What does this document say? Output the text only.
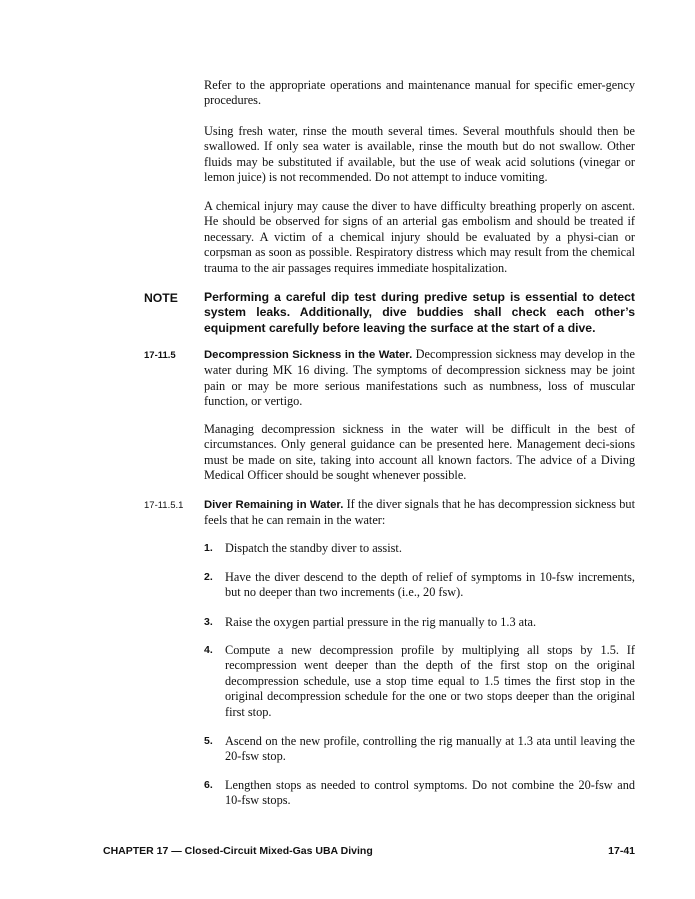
Refer to the appropriate operations and maintenance manual for specific emer-gency procedures.

Using fresh water, rinse the mouth several times. Several mouthfuls should then be swallowed. If only sea water is available, rinse the mouth but do not swallow. Other fluids may be substituted if available, but the use of weak acid solutions (vinegar or lemon juice) is not recommended. Do not attempt to induce vomiting.

A chemical injury may cause the diver to have difficulty breathing properly on ascent. He should be observed for signs of an arterial gas embolism and should be treated if necessary. A victim of a chemical injury should be evaluated by a physi-cian or corpsman as soon as possible. Respiratory distress which may result from the chemical trauma to the air passages requires immediate hospitalization.

NOTE Performing a careful dip test during predive setup is essential to detect system leaks. Additionally, dive buddies shall check each other’s equipment carefully before leaving the surface at the start of a dive.

17-11.5	Decompression Sickness in the Water. Decompression sickness may develop in the water during MK 16 diving. The symptoms of decompression sickness may be joint pain or may be more serious manifestations such as numbness, loss of muscular function, or vertigo.

Managing decompression sickness in the water will be difficult in the best of circumstances. Only general guidance can be presented here. Management deci-sions must be made on site, taking into account all known factors. The advice of a Diving Medical Officer should be sought whenever possible.

17-11.5.1 Diver Remaining in Water. If the diver signals that he has decompression sickness but feels that he can remain in the water:

1. Dispatch the standby diver to assist.

2. Have the diver descend to the depth of relief of symptoms in 10-fsw increments, but no deeper than two increments (i.e., 20 fsw).

3. Raise the oxygen partial pressure in the rig manually to 1.3 ata.

4. Compute a new decompression profile by multiplying all stops by 1.5. If recompression went deeper than the depth of the first stop on the original decompression schedule, use a stop time equal to 1.5 times the first stop in the original decompression schedule for the one or two stops deeper than the original first stop.

5. Ascend on the new profile, controlling the rig manually at 1.3 ata until leaving the 20-fsw stop.

6. Lengthen stops as needed to control symptoms. Do not combine the 20-fsw and 10-fsw stops.

CHAPTER 17 — Closed-Circuit Mixed-Gas UBA Diving	17-41
